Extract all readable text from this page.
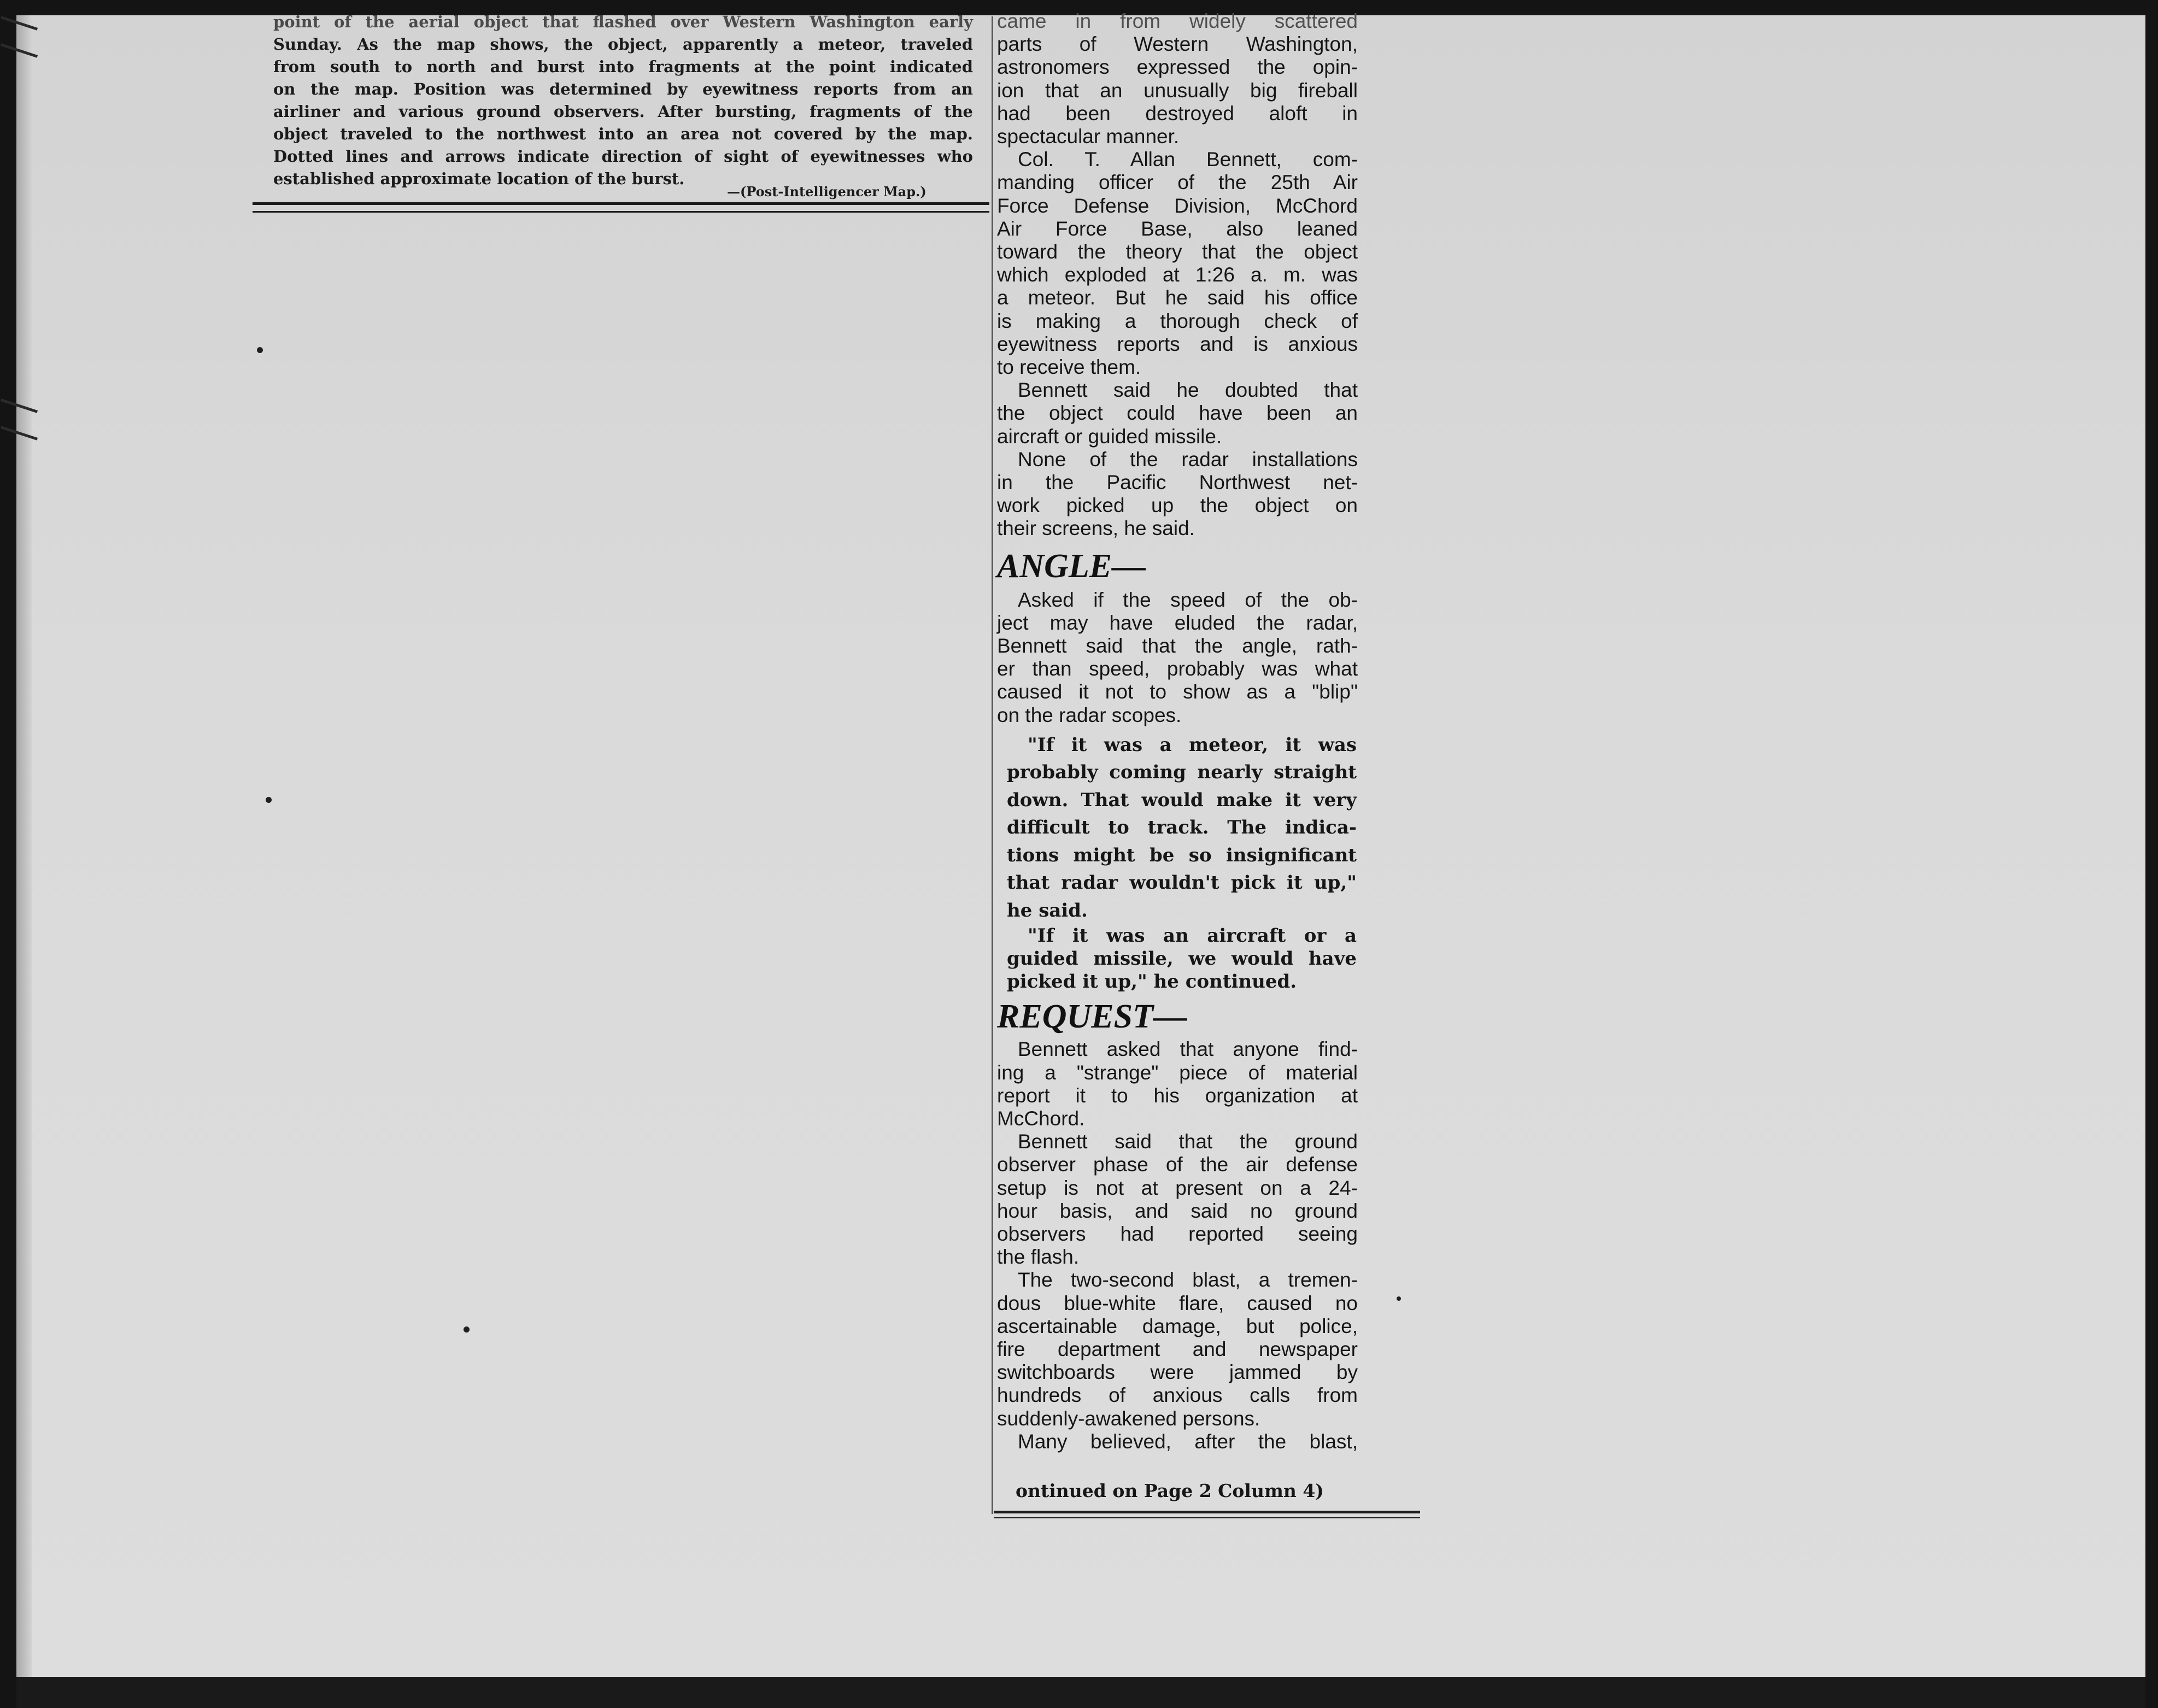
point of the aerial object that flashed over Western Washington early
Sunday. As the map shows, the object, apparently a meteor, traveled
from south to north and burst into fragments at the point indicated
on the map. Position was determined by eyewitness reports from an
airliner and various ground observers. After bursting, fragments of the
object traveled to the northwest into an area not covered by the map.
Dotted lines and arrows indicate direction of sight of eyewitnesses who
established approximate location of the burst.
—(Post-Intelligencer Map.)
came in from widely scattered
parts of Western Washington,
astronomers expressed the opin-
ion that an unusually big fireball
had been destroyed aloft in
spectacular manner.
Col. T. Allan Bennett, com-
manding officer of the 25th Air
Force Defense Division, McChord
Air Force Base, also leaned
toward the theory that the object
which exploded at 1:26 a. m. was
a meteor. But he said his office
is making a thorough check of
eyewitness reports and is anxious
to receive them.
Bennett said he doubted that
the object could have been an
aircraft or guided missile.
None of the radar installations
in the Pacific Northwest net-
work picked up the object on
their screens, he said.
ANGLE—
Asked if the speed of the ob-
ject may have eluded the radar,
Bennett said that the angle, rath-
er than speed, probably was what
caused it not to show as a "blip"
on the radar scopes.
"If it was a meteor, it was
probably coming nearly straight
down. That would make it very
difficult to track. The indica-
tions might be so insignificant
that radar wouldn't pick it up,"
he said.
"If it was an aircraft or a
guided missile, we would have
picked it up," he continued.
REQUEST—
Bennett asked that anyone find-
ing a "strange" piece of material
report it to his organization at
McChord.
Bennett said that the ground
observer phase of the air defense
setup is not at present on a 24-
hour basis, and said no ground
observers had reported seeing
the flash.
The two-second blast, a tremen-
dous blue-white flare, caused no
ascertainable damage, but police,
fire department and newspaper
switchboards were jammed by
hundreds of anxious calls from
suddenly-awakened persons.
Many believed, after the blast,
ontinued on Page 2 Column 4)
